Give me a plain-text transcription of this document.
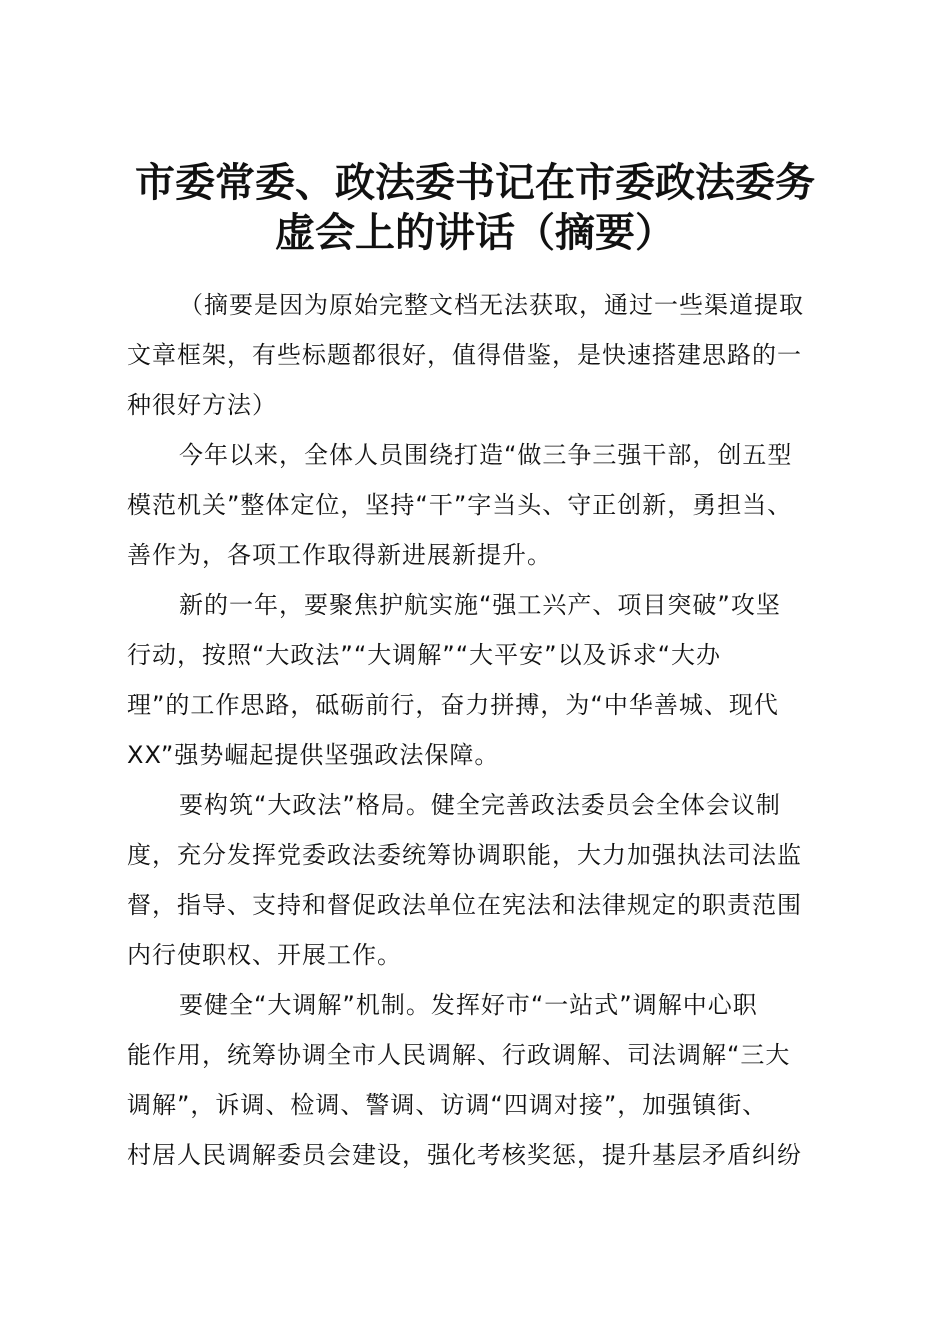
市委常委、政法委书记在市委政法委务
虚会上的讲话（摘要）

（摘要是因为原始完整文档无法获取，通过一些渠道提取
文章框架，有些标题都很好，值得借鉴，是快速搭建思路的一
种很好方法）

今年以来，全体人员围绕打造“做三争三强干部，创五型
模范机关”整体定位，坚持“干”字当头、守正创新，勇担当、
善作为，各项工作取得新进展新提升。

新的一年，要聚焦护航实施“强工兴产、项目突破”攻坚
行动，按照“大政法”“大调解”“大平安”以及诉求“大办
理”的工作思路，砥砺前行，奋力拼搏，为“中华善城、现代
XX”强势崛起提供坚强政法保障。

要构筑“大政法”格局。健全完善政法委员会全体会议制
度，充分发挥党委政法委统筹协调职能，大力加强执法司法监
督，指导、支持和督促政法单位在宪法和法律规定的职责范围
内行使职权、开展工作。

要健全“大调解”机制。发挥好市“一站式”调解中心职
能作用，统筹协调全市人民调解、行政调解、司法调解“三大
调解”，诉调、检调、警调、访调“四调对接”，加强镇街、
村居人民调解委员会建设，强化考核奖惩，提升基层矛盾纠纷
